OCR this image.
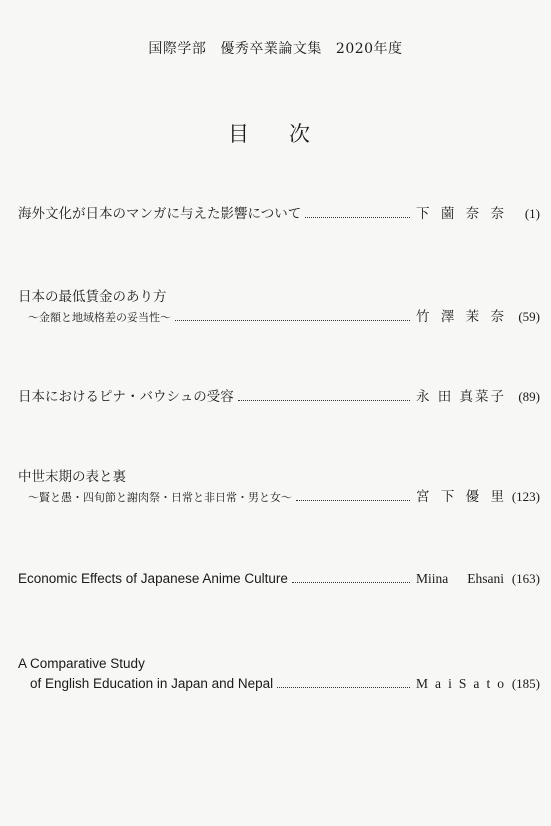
国際学部 優秀卒業論文集 2020年度
目次
海外文化が日本のマンガに与えた影響について	下 薗 奈 奈	(1)
日本の最低賃金のあり方
～金額と地域格差の妥当性～	竹 澤 茉 奈	(59)
日本におけるピナ・バウシュの受容	永 田 真菜子	(89)
中世末期の表と裏
～賢と愚・四旬節と謝肉祭・日常と非日常・男と女～	宮 下 優 里 (123)
Economic Effects of Japanese Anime Culture	Miina Ehsani (163)
A Comparative Study
of English Education in Japan and Nepal	M a i S a t o (185)
